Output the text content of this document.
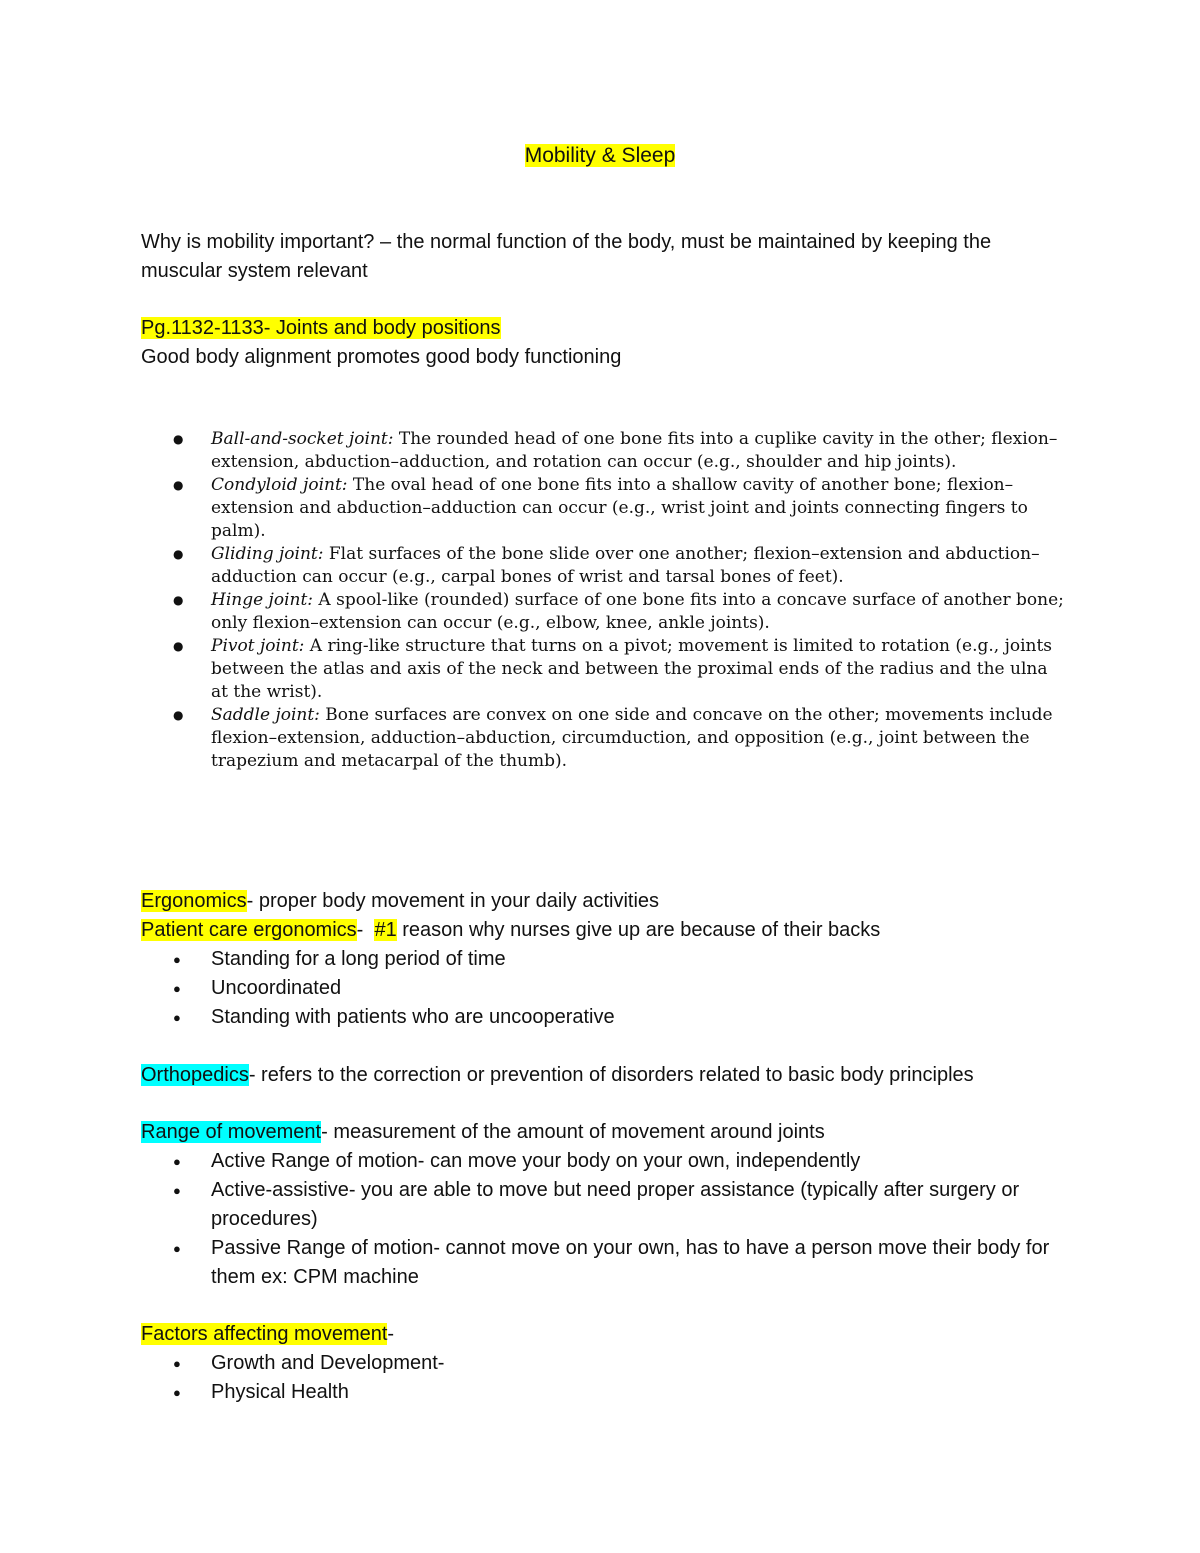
Mobility & Sleep
Why is mobility important? – the normal function of the body, must be maintained by keeping the muscular system relevant
Pg.1132-1133- Joints and body positions
Good body alignment promotes good body functioning
● Ball-and-socket joint: The rounded head of one bone fits into a cuplike cavity in the other; flexion–extension, abduction–adduction, and rotation can occur (e.g., shoulder and hip joints).
● Condyloid joint: The oval head of one bone fits into a shallow cavity of another bone; flexion–extension and abduction–adduction can occur (e.g., wrist joint and joints connecting fingers to palm).
● Gliding joint: Flat surfaces of the bone slide over one another; flexion–extension and abduction–adduction can occur (e.g., carpal bones of wrist and tarsal bones of feet).
● Hinge joint: A spool-like (rounded) surface of one bone fits into a concave surface of another bone; only flexion–extension can occur (e.g., elbow, knee, ankle joints).
● Pivot joint: A ring-like structure that turns on a pivot; movement is limited to rotation (e.g., joints between the atlas and axis of the neck and between the proximal ends of the radius and the ulna at the wrist).
● Saddle joint: Bone surfaces are convex on one side and concave on the other; movements include flexion–extension, adduction–abduction, circumduction, and opposition (e.g., joint between the trapezium and metacarpal of the thumb).
Ergonomics- proper body movement in your daily activities
Patient care ergonomics-  #1 reason why nurses give up are because of their backs
● Standing for a long period of time
● Uncoordinated
● Standing with patients who are uncooperative
Orthopedics- refers to the correction or prevention of disorders related to basic body principles
Range of movement- measurement of the amount of movement around joints
● Active Range of motion- can move your body on your own, independently
● Active-assistive- you are able to move but need proper assistance (typically after surgery or procedures)
● Passive Range of motion- cannot move on your own, has to have a person move their body for them ex: CPM machine
Factors affecting movement-
● Growth and Development-
● Physical Health
